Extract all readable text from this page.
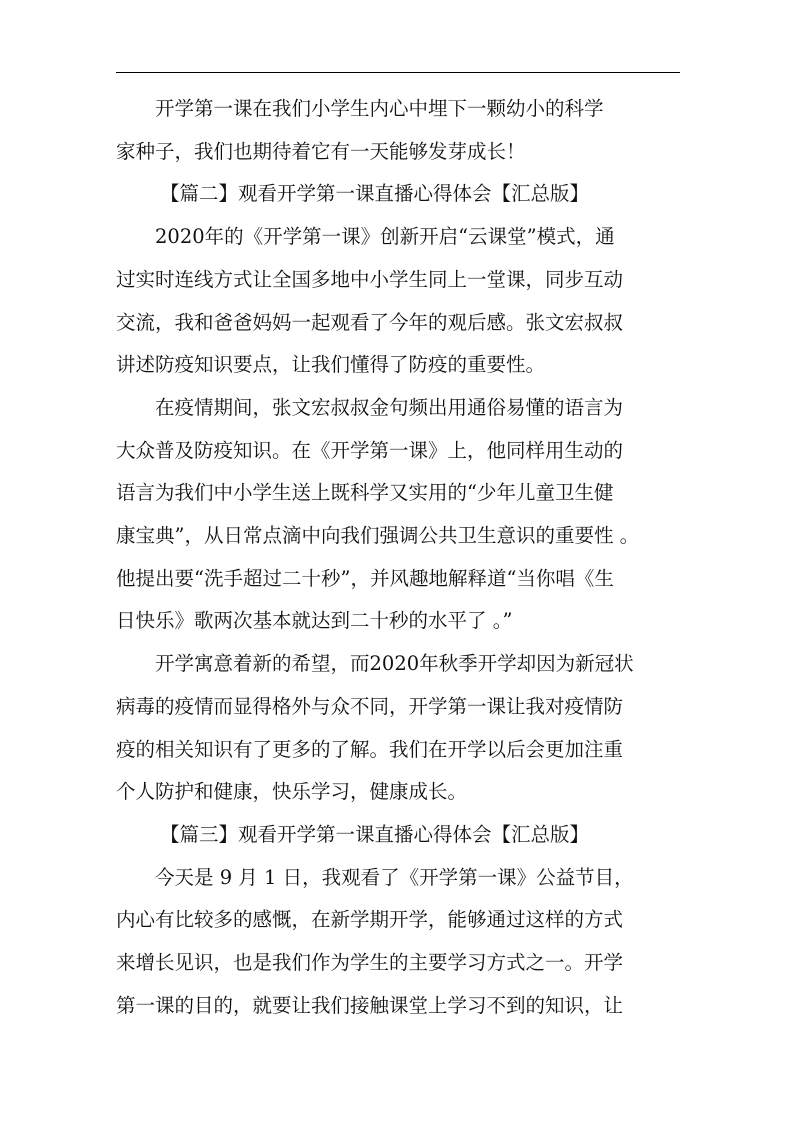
开学第一课在我们小学生内心中埋下一颗幼小的科学
家种子，我们也期待着它有一天能够发芽成长！

【篇二】观看开学第一课直播心得体会【汇总版】

2020年的《开学第一课》创新开启“云课堂”模式，通
过实时连线方式让全国多地中小学生同上一堂课，同步互动
交流，我和爸爸妈妈一起观看了今年的观后感。张文宏叔叔
讲述防疫知识要点，让我们懂得了防疫的重要性。

在疫情期间，张文宏叔叔金句频出用通俗易懂的语言为
大众普及防疫知识。在《开学第一课》上，他同样用生动的
语言为我们中小学生送上既科学又实用的“少年儿童卫生健
康宝典”，从日常点滴中向我们强调公共卫生意识的重要性 。
他提出要“洗手超过二十秒”，并风趣地解释道“当你唱《生
日快乐》歌两次基本就达到二十秒的水平了 。”

开学寓意着新的希望，而2020年秋季开学却因为新冠状
病毒的疫情而显得格外与众不同，开学第一课让我对疫情防
疫的相关知识有了更多的了解。我们在开学以后会更加注重
个人防护和健康，快乐学习，健康成长。

【篇三】观看开学第一课直播心得体会【汇总版】

今天是 9 月 1 日，我观看了《开学第一课》公益节目，
内心有比较多的感慨，在新学期开学，能够通过这样的方式
来增长见识，也是我们作为学生的主要学习方式之一。开学
第一课的目的，就要让我们接触课堂上学习不到的知识，让
